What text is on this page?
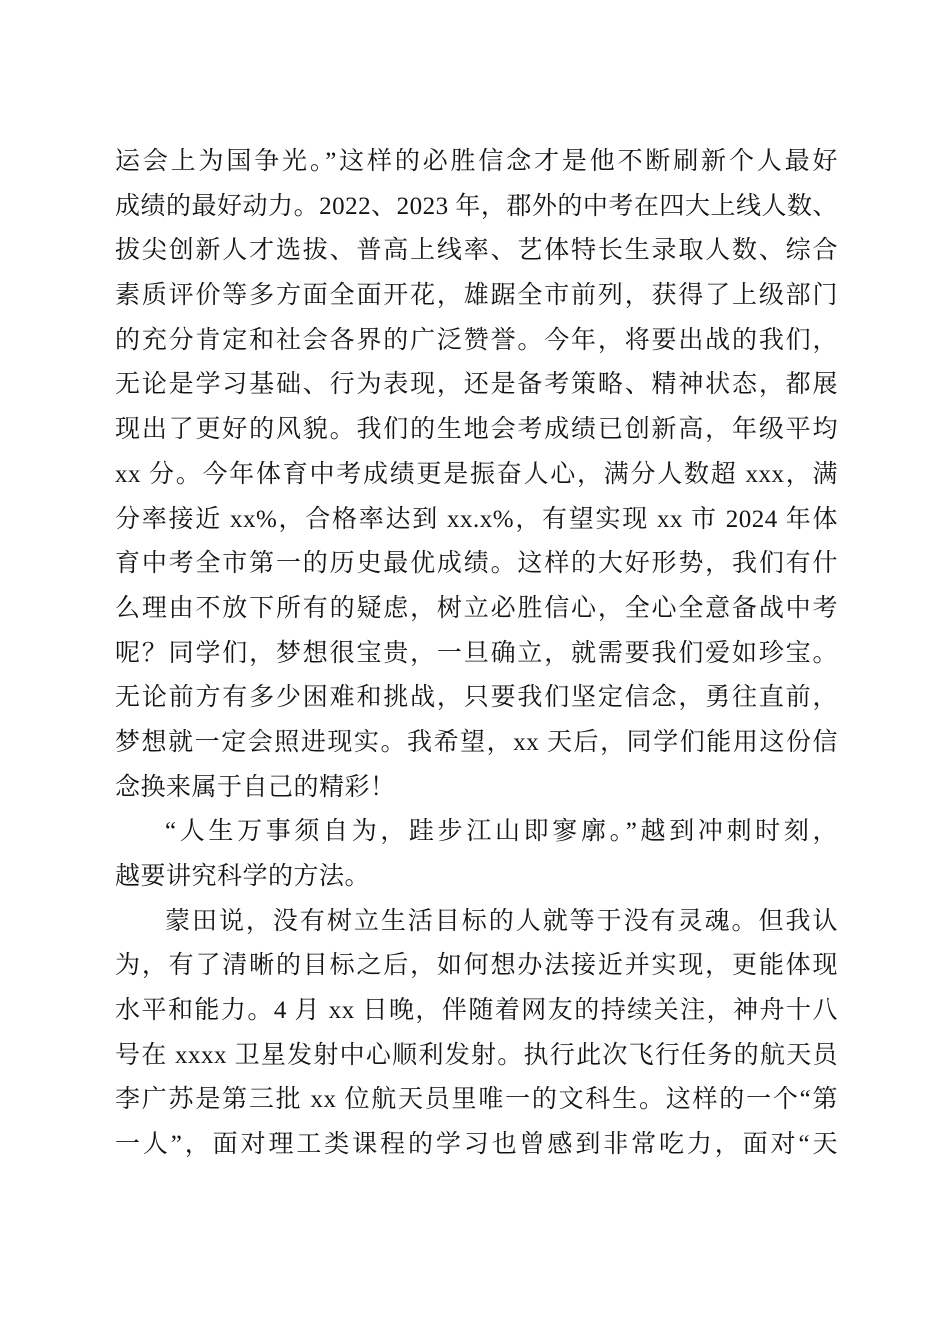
运会上为国争光。”这样的必胜信念才是他不断刷新个人最好
成绩的最好动力。2022、2023 年，郡外的中考在四大上线人数、
拔尖创新人才选拔、普高上线率、艺体特长生录取人数、综合
素质评价等多方面全面开花，雄踞全市前列，获得了上级部门
的充分肯定和社会各界的广泛赞誉。今年，将要出战的我们，
无论是学习基础、行为表现，还是备考策略、精神状态，都展
现出了更好的风貌。我们的生地会考成绩已创新高，年级平均
xx 分。今年体育中考成绩更是振奋人心，满分人数超 xxx，满
分率接近 xx%，合格率达到 xx.x%，有望实现 xx 市 2024 年体
育中考全市第一的历史最优成绩。这样的大好形势，我们有什
么理由不放下所有的疑虑，树立必胜信心，全心全意备战中考
呢？同学们，梦想很宝贵，一旦确立，就需要我们爱如珍宝。
无论前方有多少困难和挑战，只要我们坚定信念，勇往直前，
梦想就一定会照进现实。我希望，xx 天后，同学们能用这份信
念换来属于自己的精彩！
“人生万事须自为，跬步江山即寥廓。”越到冲刺时刻，
越要讲究科学的方法。
蒙田说，没有树立生活目标的人就等于没有灵魂。但我认
为，有了清晰的目标之后，如何想办法接近并实现，更能体现
水平和能力。4 月 xx 日晚，伴随着网友的持续关注，神舟十八
号在 xxxx 卫星发射中心顺利发射。执行此次飞行任务的航天员
李广苏是第三批 xx 位航天员里唯一的文科生。这样的一个“第
一人”，面对理工类课程的学习也曾感到非常吃力，面对“天
